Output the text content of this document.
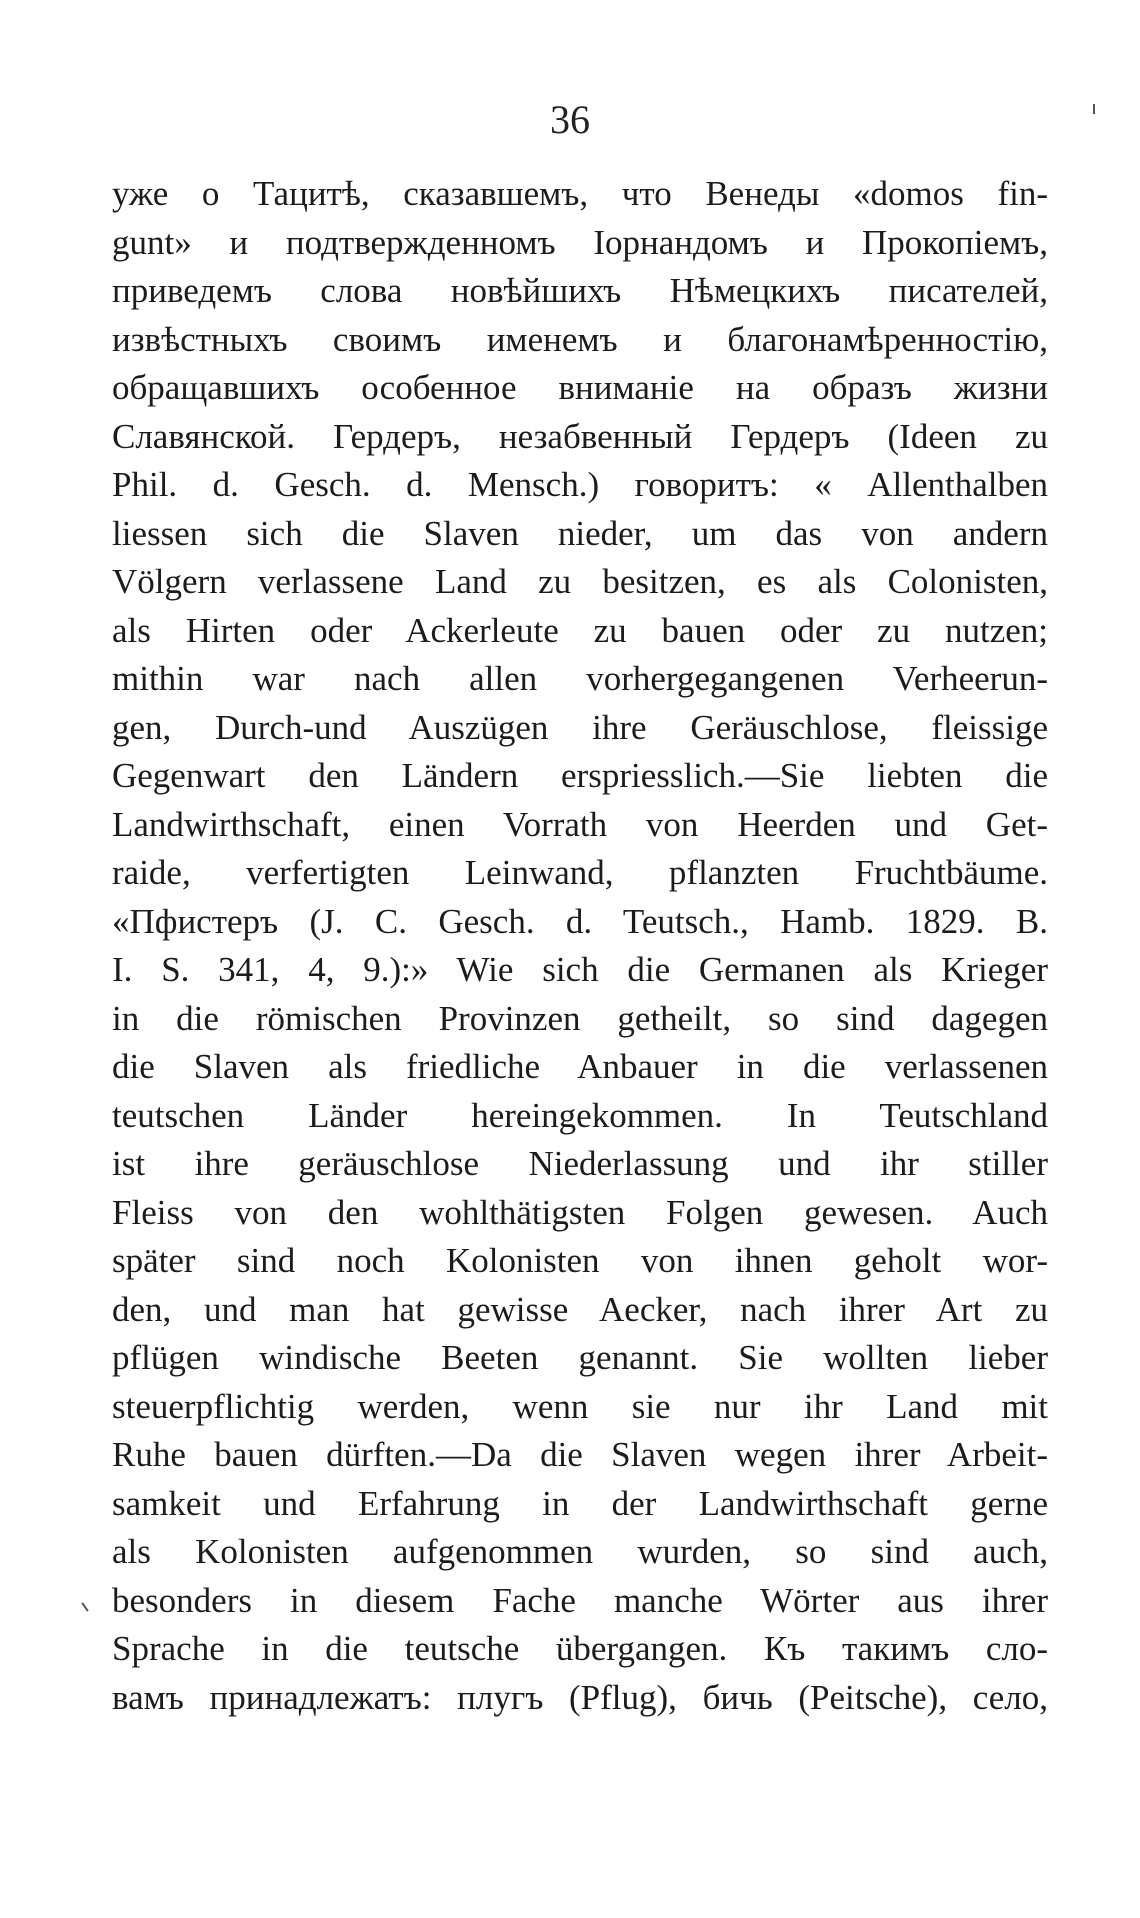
36
уже о Тацитѣ, сказавшемъ, что Венеды «domos fin-
gunt» и подтвержденномъ Iорнандомъ и Прокопiемъ,
приведемъ слова новѣйшихъ Нѣмецкихъ писателей,
извѣстныхъ своимъ именемъ и благонамѣренностiю,
обращавшихъ особенное вниманiе на образъ жизни
Славянской. Гердеръ, незабвенный Гердеръ (Ideen zu
Phil. d. Gesch. d. Mensch.) говоритъ: « Allenthalben
liessen sich die Slaven nieder, um das von andern
Völgern verlassene Land zu besitzen, es als Colonisten,
als Hirten oder Ackerleute zu bauen oder zu nutzen;
mithin war nach allen vorhergegangenen Verheerun-
gen, Durch-und Auszügen ihre Geräuschlose, fleissige
Gegenwart den Ländern erspriesslich.—Sie liebten die
Landwirthschaft, einen Vorrath von Heerden und Get-
raide, verfertigten Leinwand, pflanzten Fruchtbäume.
«Пфистеръ (J. C. Gesch. d. Teutsch., Hamb. 1829. B.
I. S. 341, 4, 9.):» Wie sich die Germanen als Krieger
in die römischen Provinzen getheilt, so sind dagegen
die Slaven als friedliche Anbauer in die verlassenen
teutschen Länder hereingekommen. In Teutschland
ist ihre geräuschlose Niederlassung und ihr stiller
Fleiss von den wohlthätigsten Folgen gewesen. Auch
später sind noch Kolonisten von ihnen geholt wor-
den, und man hat gewisse Aecker, nach ihrer Art zu
pflügen windische Beeten genannt. Sie wollten lieber
steuerpflichtig werden, wenn sie nur ihr Land mit
Ruhe bauen dürften.—Da die Slaven wegen ihrer Arbeit-
samkeit und Erfahrung in der Landwirthschaft gerne
als Kolonisten aufgenommen wurden, so sind auch,
besonders in diesem Fache manche Wörter aus ihrer
Sprache in die teutsche übergangen. Къ такимъ сло-
вамъ принадлежатъ: плугъ (Pflug), бичь (Peitsche), село,
